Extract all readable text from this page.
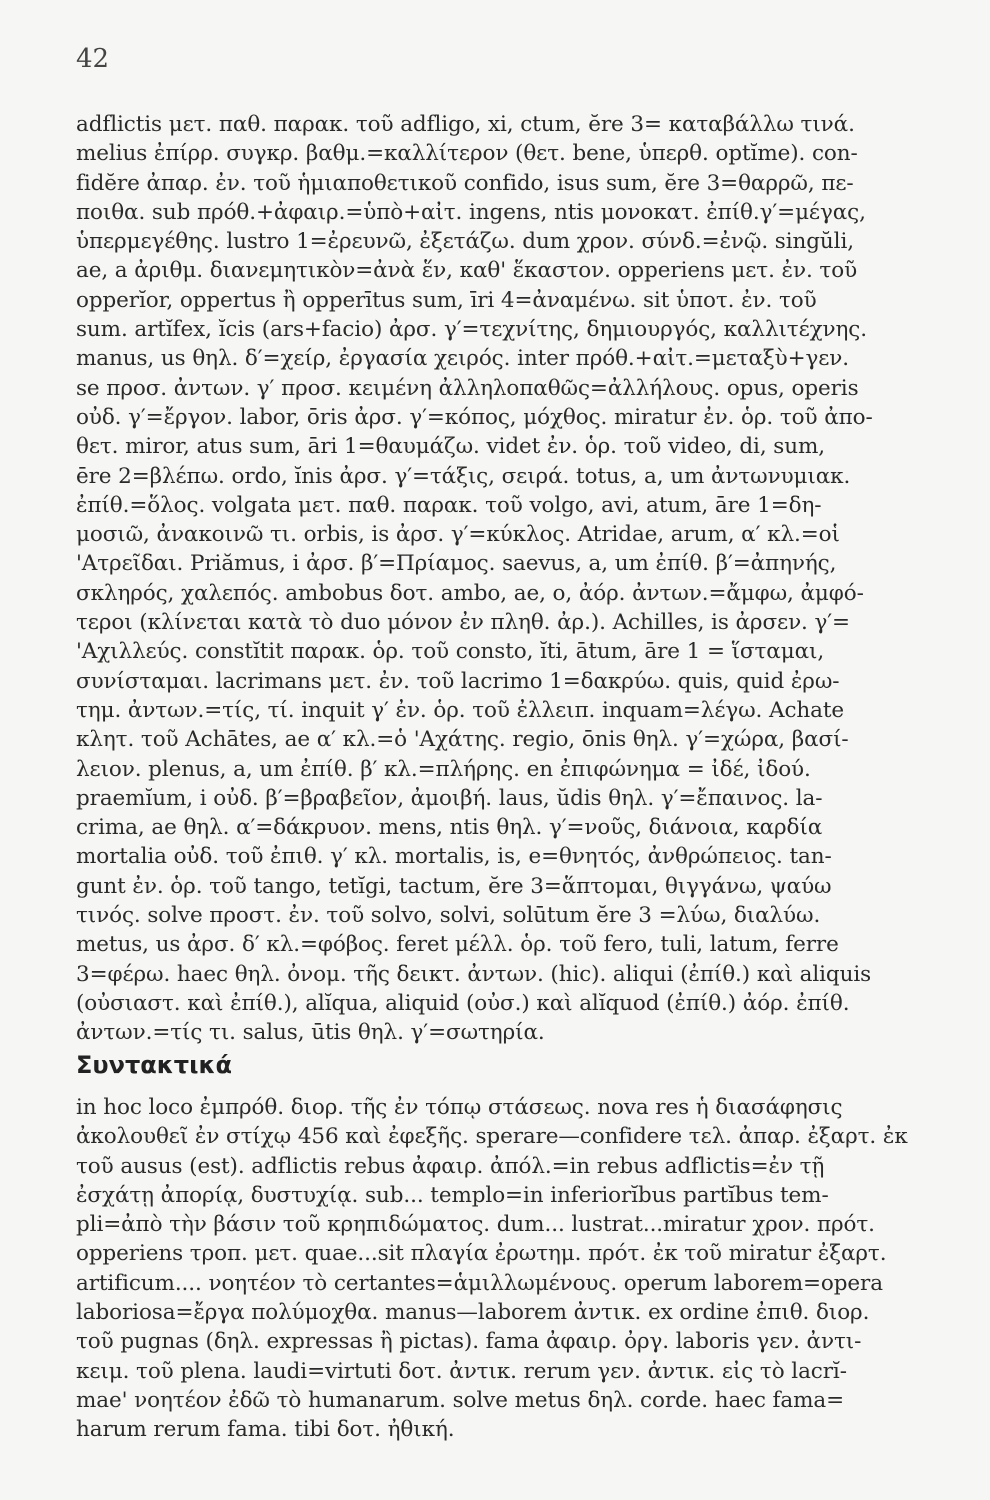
42
adflictis μετ. παθ. παρακ. τοῦ adfligo, xi, ctum, ĕre 3= καταβάλλω τινά.
melius ἐπίρρ. συγκρ. βαθμ.=καλλίτερον (θετ. bene, ὑπερθ. optĭme). con-
fidĕre ἀπαρ. ἐν. τοῦ ἡμιαποθετικοῦ confido, isus sum, ĕre 3=θαρρῶ, πε-
ποιθα. sub πρόθ.+ἀφαιρ.=ὑπὸ+αἰτ. ingens, ntis μονοκατ. ἐπίθ.γ′=μέγας,
ὑπερμεγέθης. lustro 1=ἐρευνῶ, ἐξετάζω. dum χρον. σύνδ.=ἐνῷ. singŭli,
ae, a ἀριθμ. διανεμητικὸν=ἀνὰ ἕν, καθ' ἕκαστον. opperiens μετ. ἐν. τοῦ
opperĭor, oppertus ἢ opperītus sum, īri 4=ἀναμένω. sit ὑποτ. ἐν. τοῦ
sum. artĭfex, ĭcis (ars+facio) ἀρσ. γ′=τεχνίτης, δημιουργός, καλλιτέχνης.
manus, us θηλ. δ′=χείρ, ἐργασία χειρός. inter πρόθ.+αἰτ.=μεταξὺ+γεν.
se προσ. ἀντων. γ′ προσ. κειμένη ἀλληλοπαθῶς=ἀλλήλους. opus, operis
οὐδ. γ′=ἔργον. labor, ōris ἀρσ. γ′=κόπος, μόχθος. miratur ἐν. ὁρ. τοῦ ἀπο-
θετ. miror, atus sum, āri 1=θαυμάζω. videt ἐν. ὁρ. τοῦ video, di, sum,
ēre 2=βλέπω. ordo, ĭnis ἀρσ. γ′=τάξις, σειρά. totus, a, um ἀντωνυμιακ.
ἐπίθ.=ὅλος. volgata μετ. παθ. παρακ. τοῦ volgo, avi, atum, āre 1=δη-
μοσιῶ, ἀνακοινῶ τι. orbis, is ἀρσ. γ′=κύκλος. Atridae, arum, α′ κλ.=οἱ
'Ατρεῖδαι. Priămus, i ἀρσ. β′=Πρίαμος. saevus, a, um ἐπίθ. β′=ἀπηνής,
σκληρός, χαλεπός. ambobus δοτ. ambo, ae, o, ἀόρ. ἀντων.=ἄμφω, ἀμφό-
τεροι (κλίνεται κατὰ τὸ duo μόνον ἐν πληθ. ἀρ.). Achilles, is ἀρσεν. γ′=
'Αχιλλεύς. constĭtit παρακ. ὁρ. τοῦ consto, ĭti, ātum, āre 1 = ἵσταμαι,
συνίσταμαι. lacrimans μετ. ἐν. τοῦ lacrimo 1=δακρύω. quis, quid ἐρω-
τημ. ἀντων.=τίς, τί. inquit γ′ ἐν. ὁρ. τοῦ ἐλλειπ. inquam=λέγω. Achate
κλητ. τοῦ Achātes, ae α′ κλ.=ὁ 'Αχάτης. regio, ōnis θηλ. γ′=χώρα, βασί-
λειον. plenus, a, um ἐπίθ. β′ κλ.=πλήρης. en ἐπιφώνημα = ἰδέ, ἰδού.
praemĭum, i οὐδ. β′=βραβεῖον, ἀμοιβή. laus, ŭdis θηλ. γ′=ἔπαινος. la-
crima, ae θηλ. α′=δάκρυον. mens, ntis θηλ. γ′=νοῦς, διάνοια, καρδία
mortalia οὐδ. τοῦ ἐπιθ. γ′ κλ. mortalis, is, e=θνητός, ἀνθρώπειος. tan-
gunt ἐν. ὁρ. τοῦ tango, tetĭgi, tactum, ĕre 3=ἅπτομαι, θιγγάνω, ψαύω
τινός. solve προστ. ἐν. τοῦ solvo, solvi, solūtum ĕre 3 =λύω, διαλύω.
metus, us ἀρσ. δ′ κλ.=φόβος. feret μέλλ. ὁρ. τοῦ fero, tuli, latum, ferre
3=φέρω. haec θηλ. ὀνομ. τῆς δεικτ. ἀντων. (hic). aliqui (ἐπίθ.) καὶ aliquis
(οὐσιαστ. καὶ ἐπίθ.), alĭqua, aliquid (οὐσ.) καὶ alĭquod (ἐπίθ.) ἀόρ. ἐπίθ.
ἀντων.=τίς τι. salus, ūtis θηλ. γ′=σωτηρία.
Συντακτικά
in hoc loco ἐμπρόθ. διορ. τῆς ἐν τόπῳ στάσεως. nova res ἡ διασάφησις
ἀκολουθεῖ ἐν στίχῳ 456 καὶ ἐφεξῆς. sperare—confidere τελ. ἀπαρ. ἐξαρτ. ἐκ
τοῦ ausus (est). adflictis rebus ἀφαιρ. ἀπόλ.=in rebus adflictis=ἐν τῇ
ἐσχάτῃ ἀπορίᾳ, δυστυχίᾳ. sub... templo=in inferiorĭbus partĭbus tem-
pli=ἀπὸ τὴν βάσιν τοῦ κρηπιδώματος. dum... lustrat...miratur χρον. πρότ.
opperiens τροπ. μετ. quae...sit πλαγία ἐρωτημ. πρότ. ἐκ τοῦ miratur ἐξαρτ.
artificum.... νοητέον τὸ certantes=ἁμιλλωμένους. operum laborem=opera
laboriosa=ἔργα πολύμοχθα. manus—laborem ἀντικ. ex ordine ἐπιθ. διορ.
τοῦ pugnas (δηλ. expressas ἢ pictas). fama ἀφαιρ. ὀργ. laboris γεν. ἀντι-
κειμ. τοῦ plena. laudi=virtuti δοτ. ἀντικ. rerum γεν. ἀντικ. εἰς τὸ lacrĭ-
mae' νοητέον ἐδῶ τὸ humanarum. solve metus δηλ. corde. haec fama=
harum rerum fama. tibi δοτ. ἠθική.
